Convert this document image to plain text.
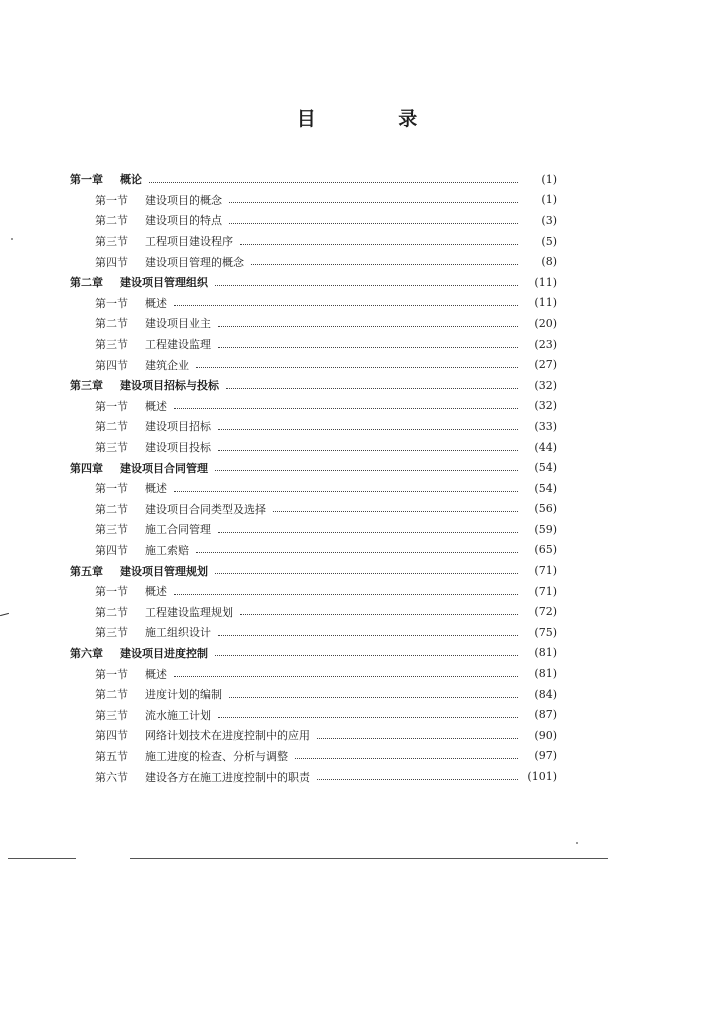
目 录
第一章	概论	(1)
第一节	建设项目的概念	(1)
第二节	建设项目的特点	(3)
第三节	工程项目建设程序	(5)
第四节	建设项目管理的概念	(8)
第二章	建设项目管理组织	(11)
第一节	概述	(11)
第二节	建设项目业主	(20)
第三节	工程建设监理	(23)
第四节	建筑企业	(27)
第三章	建设项目招标与投标	(32)
第一节	概述	(32)
第二节	建设项目招标	(33)
第三节	建设项目投标	(44)
第四章	建设项目合同管理	(54)
第一节	概述	(54)
第二节	建设项目合同类型及选择	(56)
第三节	施工合同管理	(59)
第四节	施工索赔	(65)
第五章	建设项目管理规划	(71)
第一节	概述	(71)
第二节	工程建设监理规划	(72)
第三节	施工组织设计	(75)
第六章	建设项目进度控制	(81)
第一节	概述	(81)
第二节	进度计划的编制	(84)
第三节	流水施工计划	(87)
第四节	网络计划技术在进度控制中的应用	(90)
第五节	施工进度的检查、分析与调整	(97)
第六节	建设各方在施工进度控制中的职责	(101)
